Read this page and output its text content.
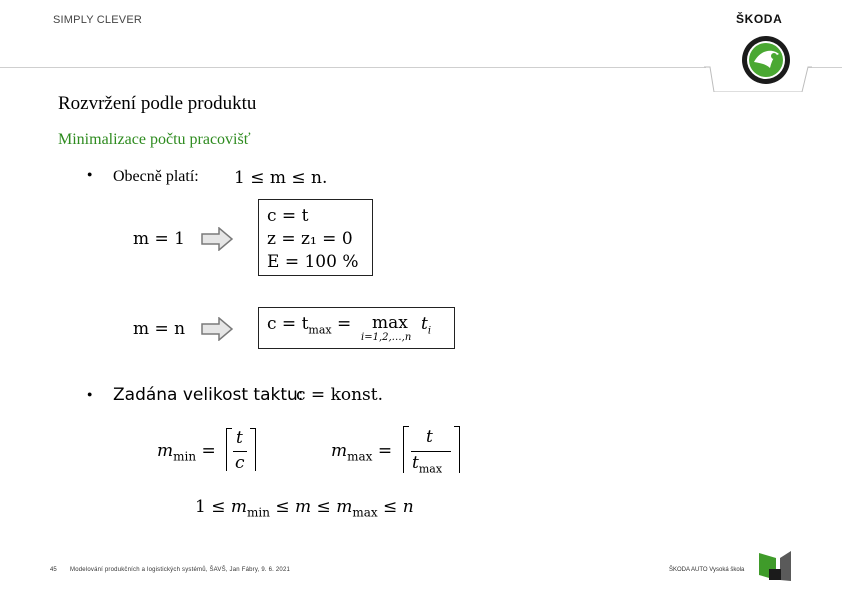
SIMPLY CLEVER	ŠKODA
Rozvržení podle produktu
Minimalizace počtu pracovišť
● Obecně platí: 1 ≤ m ≤ n.
m = 1
c = t
z = z₁ = 0
E = 100 %
m = n	$c = t_{max} = \max$
i=1,2,…,n
$t_i$
● Zadána velikost taktu:
c = konst.
$m_{min}$ =
t
c
$m_{max}$ =
t
$t_{max}$
$1 \le m_{min} \le m \le m_{max} \le n$
45 Modelování produkčních a logistických systémů, ŠAVŠ, Jan Fábry, 9. 6. 2021	ŠKODA AUTO Vysoká škola
